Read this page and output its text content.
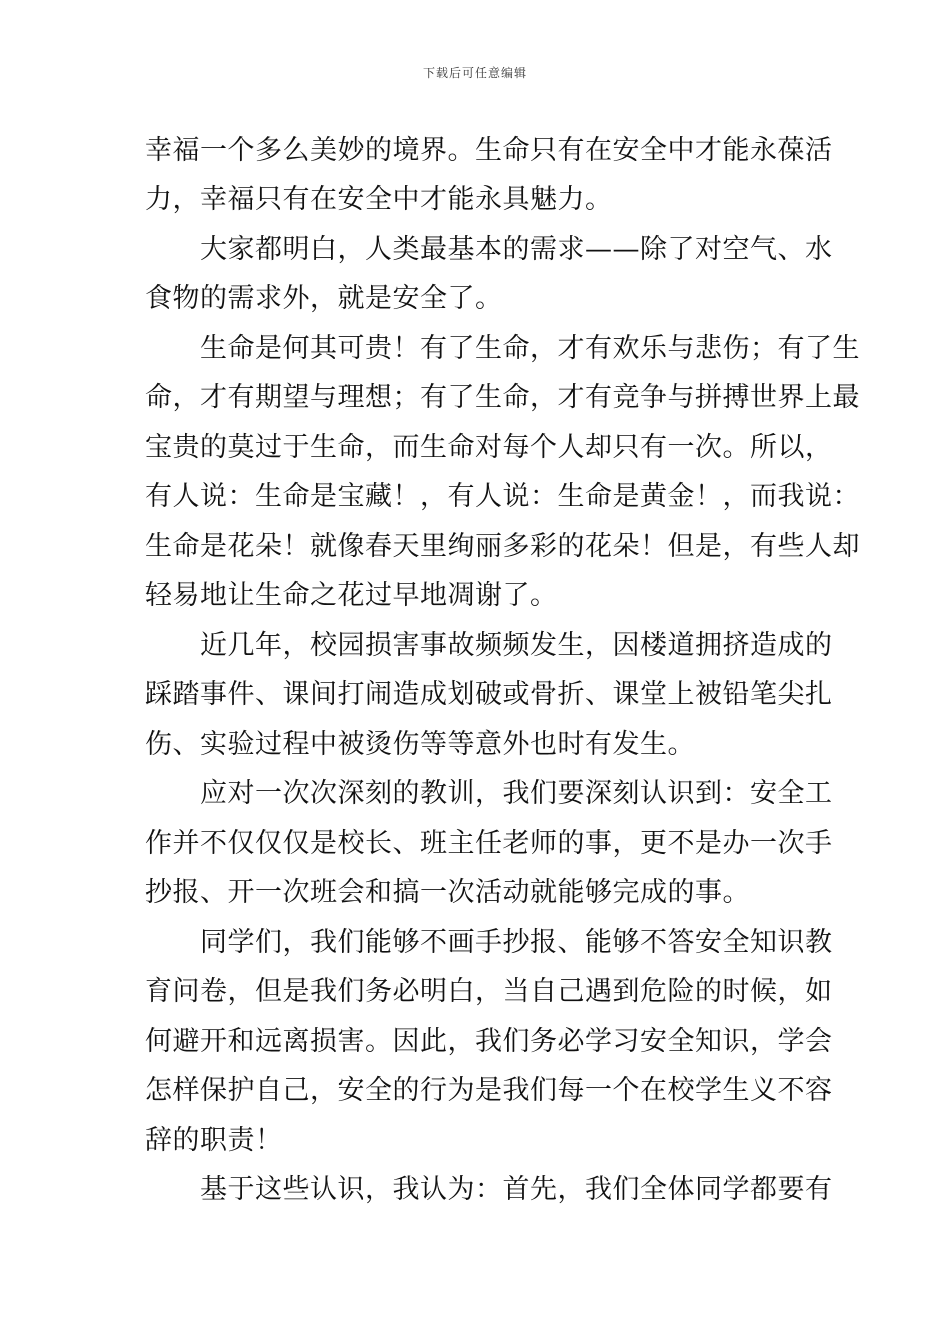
下载后可任意编辑
幸福一个多么美妙的境界。生命只有在安全中才能永葆活
力，幸福只有在安全中才能永具魅力。
　　大家都明白，人类最基本的需求——除了对空气、水
食物的需求外，就是安全了。
　　生命是何其可贵！有了生命，才有欢乐与悲伤；有了生
命，才有期望与理想；有了生命，才有竞争与拼搏世界上最
宝贵的莫过于生命，而生命对每个人却只有一次。所以，
有人说：生命是宝藏！，有人说：生命是黄金！，而我说：
生命是花朵！就像春天里绚丽多彩的花朵！但是，有些人却
轻易地让生命之花过早地凋谢了。
　　近几年，校园损害事故频频发生，因楼道拥挤造成的
踩踏事件、课间打闹造成划破或骨折、课堂上被铅笔尖扎
伤、实验过程中被烫伤等等意外也时有发生。
　　应对一次次深刻的教训，我们要深刻认识到：安全工
作并不仅仅仅是校长、班主任老师的事，更不是办一次手
抄报、开一次班会和搞一次活动就能够完成的事。
　　同学们，我们能够不画手抄报、能够不答安全知识教
育问卷，但是我们务必明白，当自己遇到危险的时候，如
何避开和远离损害。因此，我们务必学习安全知识，学会
怎样保护自己，安全的行为是我们每一个在校学生义不容
辞的职责！
　　基于这些认识，我认为：首先，我们全体同学都要有
